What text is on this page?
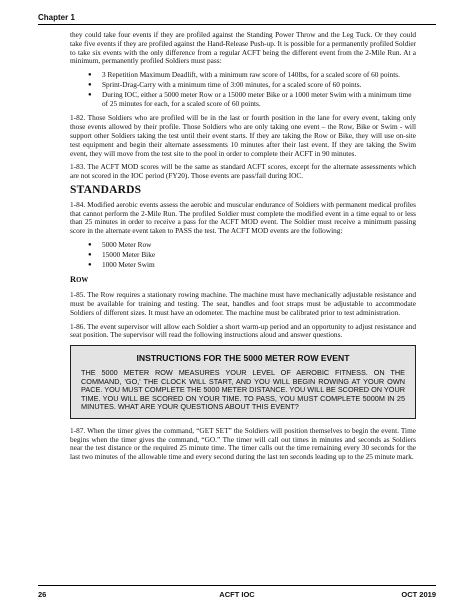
Chapter 1

they could take four events if they are profiled against the Standing Power Throw and the Leg Tuck. Or they could take five events if they are profiled against the Hand-Release Push-up. It is possible for a permanently profiled Soldier to take six events with the only difference from a regular ACFT being the different event from the 2-Mile Run. At a minimum, permanently profiled Soldiers must pass:

● 3 Repetition Maximum Deadlift, with a minimum raw score of 140lbs, for a scaled score of 60 points.
● Sprint-Drag-Carry with a minimum time of 3:00 minutes, for a scaled score of 60 points.
● During IOC, either a 5000 meter Row or a 15000 meter Bike or a 1000 meter Swim with a minimum time of 25 minutes for each, for a scaled score of 60 points.

1-82. Those Soldiers who are profiled will be in the last or fourth position in the lane for every event, taking only those events allowed by their profile. Those Soldiers who are only taking one event – the Row, Bike or Swim - will support other Soldiers taking the test until their event starts. If they are taking the Row or Bike, they will use on-site test equipment and begin their alternate assessments 10 minutes after their last event. If they are taking the Swim event, they will move from the test site to the pool in order to complete their ACFT in 90 minutes.

1-83. The ACFT MOD scores will be the same as standard ACFT scores, except for the alternate assessments which are not scored in the IOC period (FY20). Those events are pass/fail during IOC.

STANDARDS

1-84. Modified aerobic events assess the aerobic and muscular endurance of Soldiers with permanent medical profiles that cannot perform the 2-Mile Run. The profiled Soldier must complete the modified event in a time equal to or less than 25 minutes in order to receive a pass for the ACFT MOD event. The Soldier must receive a minimum passing score in the alternate event taken to PASS the test. The ACFT MOD events are the following:

● 5000 Meter Row
● 15000 Meter Bike
● 1000 Meter Swim
ROW

1-85. The Row requires a stationary rowing machine. The machine must have mechanically adjustable resistance and must be available for training and testing. The seat, handles and foot straps must be adjustable to accommodate Soldiers of different sizes. It must have an odometer. The machine must be calibrated prior to test administration.

1-86. The event supervisor will allow each Soldier a short warm-up period and an opportunity to adjust resistance and seat position. The supervisor will read the following instructions aloud and answer questions.

INSTRUCTIONS FOR THE 5000 METER ROW EVENT
THE 5000 METER ROW MEASURES YOUR LEVEL OF AEROBIC FITNESS. ON THE COMMAND, 'GO,' THE CLOCK WILL START, AND YOU WILL BEGIN ROWING AT YOUR OWN PACE. YOU MUST COMPLETE THE 5000 METER DISTANCE. YOU WILL BE SCORED ON YOUR TIME. YOU WILL BE SCORED ON YOUR TIME. TO PASS, YOU MUST COMPLETE 5000M IN 25 MINUTES. WHAT ARE YOUR QUESTIONS ABOUT THIS EVENT?

1-87. When the timer gives the command, “GET SET” the Soldiers will position themselves to begin the event. Time begins when the timer gives the command, “GO.” The timer will call out times in minutes and seconds as Soldiers near the test distance or the required 25 minute time. The timer calls out the time remaining every 30 seconds for the last two minutes of the allowable time and every second during the last ten seconds leading up to the 25 minute mark.

26	ACFT IOC	OCT 2019
